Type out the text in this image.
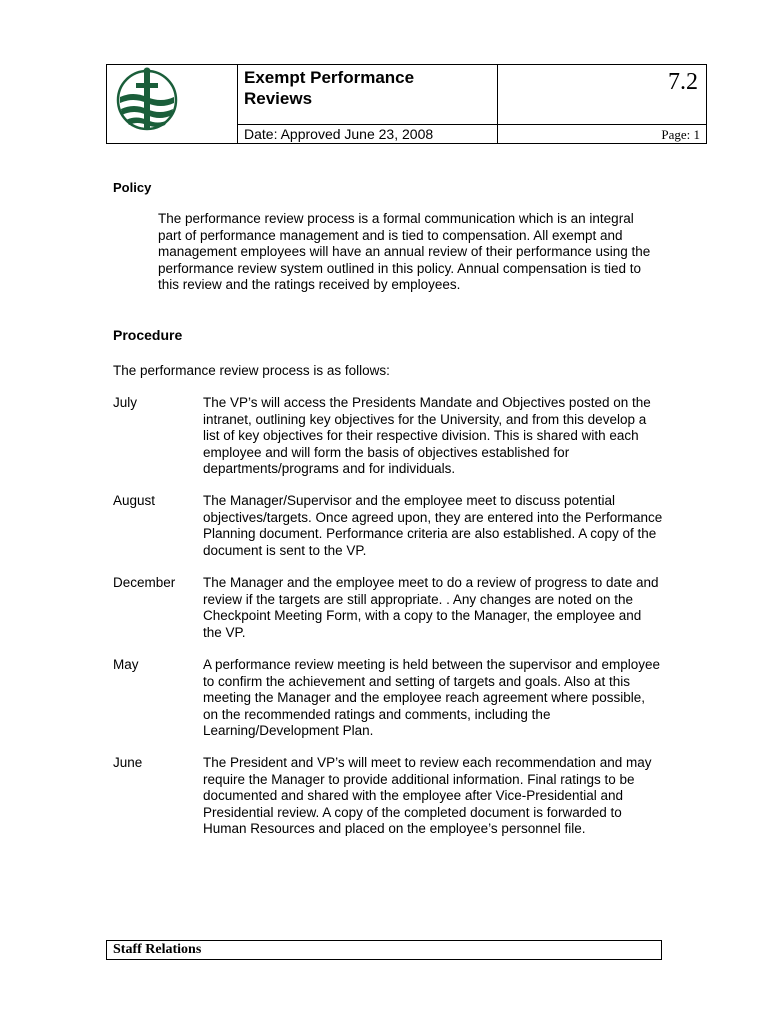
Exempt Performance Reviews
7.2
Date: Approved June 23, 2008	Page: 1
Policy
The performance review process is a formal communication which is an integral part of performance management and is tied to compensation. All exempt and management employees will have an annual review of their performance using the performance review system outlined in this policy. Annual compensation is tied to this review and the ratings received by employees.
Procedure
The performance review process is as follows:
July	The VP’s will access the Presidents Mandate and Objectives posted on the intranet, outlining key objectives for the University, and from this develop a list of key objectives for their respective division. This is shared with each employee and will form the basis of objectives established for departments/programs and for individuals.
August	The Manager/Supervisor and the employee meet to discuss potential objectives/targets. Once agreed upon, they are entered into the Performance Planning document. Performance criteria are also established. A copy of the document is sent to the VP.
December	The Manager and the employee meet to do a review of progress to date and review if the targets are still appropriate. . Any changes are noted on the Checkpoint Meeting Form, with a copy to the Manager, the employee and the VP.
May	A performance review meeting is held between the supervisor and employee to confirm the achievement and setting of targets and goals. Also at this meeting the Manager and the employee reach agreement where possible, on the recommended ratings and comments, including the Learning/Development Plan.
June	The President and VP’s will meet to review each recommendation and may require the Manager to provide additional information. Final ratings to be documented and shared with the employee after Vice-Presidential and Presidential review. A copy of the completed document is forwarded to Human Resources and placed on the employee’s personnel file.
Staff Relations
